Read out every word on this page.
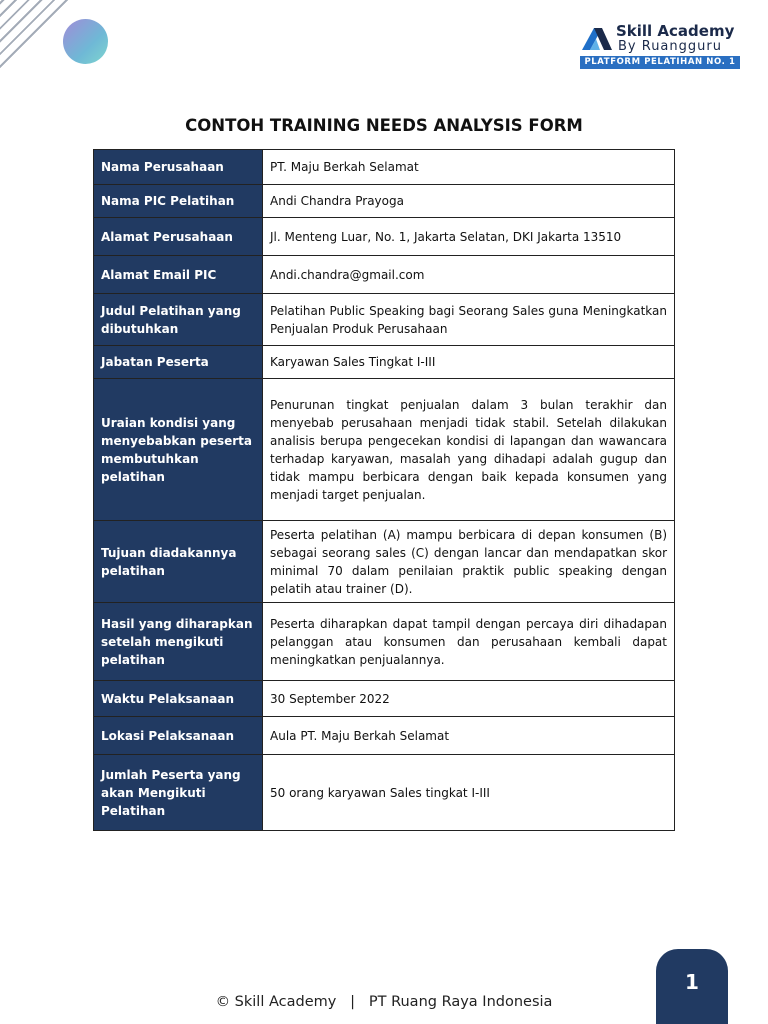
Skill Academy
By Ruangguru
PLATFORM PELATIHAN NO. 1
CONTOH TRAINING NEEDS ANALYSIS FORM
Nama Perusahaan	PT. Maju Berkah Selamat
Nama PIC Pelatihan	Andi Chandra Prayoga
Alamat Perusahaan	Jl. Menteng Luar, No. 1, Jakarta Selatan, DKI Jakarta 13510
Alamat Email PIC	Andi.chandra@gmail.com
Judul Pelatihan yang dibutuhkan	Pelatihan Public Speaking bagi Seorang Sales guna Meningkatkan Penjualan Produk Perusahaan
Jabatan Peserta	Karyawan Sales Tingkat I-III
Uraian kondisi yang menyebabkan peserta membutuhkan pelatihan	Penurunan tingkat penjualan dalam 3 bulan terakhir dan menyebab perusahaan menjadi tidak stabil. Setelah dilakukan analisis berupa pengecekan kondisi di lapangan dan wawancara terhadap karyawan, masalah yang dihadapi adalah gugup dan tidak mampu berbicara dengan baik kepada konsumen yang menjadi target penjualan.
Tujuan diadakannya pelatihan	Peserta pelatihan (A) mampu berbicara di depan konsumen (B) sebagai seorang sales (C) dengan lancar dan mendapatkan skor minimal 70 dalam penilaian praktik public speaking dengan pelatih atau trainer (D).
Hasil yang diharapkan setelah mengikuti pelatihan	Peserta diharapkan dapat tampil dengan percaya diri dihadapan pelanggan atau konsumen dan perusahaan kembali dapat meningkatkan penjualannya.
Waktu Pelaksanaan	30 September 2022
Lokasi Pelaksanaan	Aula PT. Maju Berkah Selamat
Jumlah Peserta yang akan Mengikuti Pelatihan	50 orang karyawan Sales tingkat I-III
© Skill Academy   |   PT Ruang Raya Indonesia
1
